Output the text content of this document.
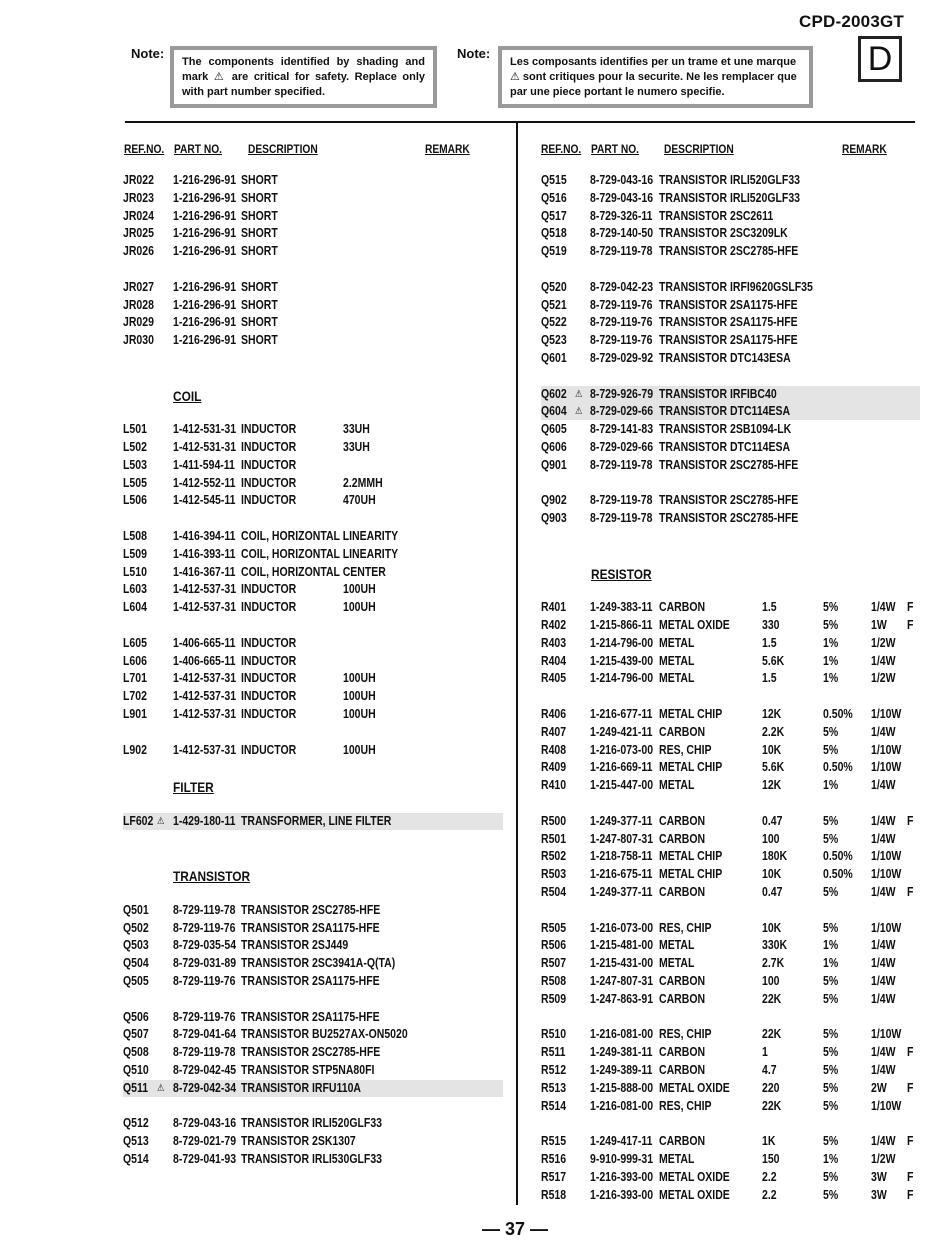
CPD-2003GT
Note:
The components identified by shading and mark ⚠ are critical for safety. Replace only with part number specified.
Note:
Les composants identifies per un trame et une marque ⚠ sont critiques pour la securite. Ne les remplacer que par une piece portant le numero specifie.
D
REF.NO. PART NO. DESCRIPTION	REMARK	REF.NO. PART NO. DESCRIPTION	REMARK
JR022 1-216-296-91 SHORT
JR023 1-216-296-91 SHORT
JR024 1-216-296-91 SHORT
JR025 1-216-296-91 SHORT
JR026 1-216-296-91 SHORT
JR027 1-216-296-91 SHORT
JR028 1-216-296-91 SHORT
JR029 1-216-296-91 SHORT
JR030 1-216-296-91 SHORT
COIL
L501 1-412-531-31 INDUCTOR	33UH
L502 1-412-531-31 INDUCTOR	33UH
L503 1-411-594-11 INDUCTOR
L505 1-412-552-11 INDUCTOR	2.2MMH
L506 1-412-545-11 INDUCTOR	470UH
L508 1-416-394-11 COIL, HORIZONTAL LINEARITY
L509 1-416-393-11 COIL, HORIZONTAL LINEARITY
L510 1-416-367-11 COIL, HORIZONTAL CENTER
L603 1-412-537-31 INDUCTOR	100UH
L604 1-412-537-31 INDUCTOR	100UH
L605 1-406-665-11 INDUCTOR
L606 1-406-665-11 INDUCTOR
L701 1-412-537-31 INDUCTOR	100UH
L702 1-412-537-31 INDUCTOR	100UH
L901 1-412-537-31 INDUCTOR	100UH
L902 1-412-537-31 INDUCTOR	100UH
FILTER
LF602 ⚠ 1-429-180-11 TRANSFORMER, LINE FILTER
TRANSISTOR
Q501 8-729-119-78 TRANSISTOR 2SC2785-HFE
Q502 8-729-119-76 TRANSISTOR 2SA1175-HFE
Q503 8-729-035-54 TRANSISTOR 2SJ449
Q504 8-729-031-89 TRANSISTOR 2SC3941A-Q(TA)
Q505 8-729-119-76 TRANSISTOR 2SA1175-HFE
Q506 8-729-119-76 TRANSISTOR 2SA1175-HFE
Q507 8-729-041-64 TRANSISTOR BU2527AX-ON5020
Q508 8-729-119-78 TRANSISTOR 2SC2785-HFE
Q510 8-729-042-45 TRANSISTOR STP5NA80FI
Q511 ⚠ 8-729-042-34 TRANSISTOR IRFU110A
Q512 8-729-043-16 TRANSISTOR IRLI520GLF33
Q513 8-729-021-79 TRANSISTOR 2SK1307
Q514 8-729-041-93 TRANSISTOR IRLI530GLF33
Q515 8-729-043-16 TRANSISTOR IRLI520GLF33
Q516 8-729-043-16 TRANSISTOR IRLI520GLF33
Q517 8-729-326-11 TRANSISTOR 2SC2611
Q518 8-729-140-50 TRANSISTOR 2SC3209LK
Q519 8-729-119-78 TRANSISTOR 2SC2785-HFE
Q520 8-729-042-23 TRANSISTOR IRFI9620GSLF35
Q521 8-729-119-76 TRANSISTOR 2SA1175-HFE
Q522 8-729-119-76 TRANSISTOR 2SA1175-HFE
Q523 8-729-119-76 TRANSISTOR 2SA1175-HFE
Q601 8-729-029-92 TRANSISTOR DTC143ESA
Q602 ⚠ 8-729-926-79 TRANSISTOR IRFIBC40
Q604 ⚠ 8-729-029-66 TRANSISTOR DTC114ESA
Q605 8-729-141-83 TRANSISTOR 2SB1094-LK
Q606 8-729-029-66 TRANSISTOR DTC114ESA
Q901 8-729-119-78 TRANSISTOR 2SC2785-HFE
Q902 8-729-119-78 TRANSISTOR 2SC2785-HFE
Q903 8-729-119-78 TRANSISTOR 2SC2785-HFE
RESISTOR
R401 1-249-383-11 CARBON	1.5	5%	1/4W F
R402 1-215-866-11 METAL OXIDE	330	5%	1W F
R403 1-214-796-00 METAL	1.5	1%	1/2W
R404 1-215-439-00 METAL	5.6K	1%	1/4W
R405 1-214-796-00 METAL	1.5	1%	1/2W
R406 1-216-677-11 METAL CHIP	12K	0.50% 1/10W
R407 1-249-421-11 CARBON	2.2K	5%	1/4W
R408 1-216-073-00 RES, CHIP	10K	5%	1/10W
R409 1-216-669-11 METAL CHIP	5.6K	0.50% 1/10W
R410 1-215-447-00 METAL	12K	1%	1/4W
R500 1-249-377-11 CARBON	0.47	5%	1/4W F
R501 1-247-807-31 CARBON	100	5%	1/4W
R502 1-218-758-11 METAL CHIP	180K	0.50% 1/10W
R503 1-216-675-11 METAL CHIP	10K	0.50% 1/10W
R504 1-249-377-11 CARBON	0.47	5%	1/4W F
R505 1-216-073-00 RES, CHIP	10K	5%	1/10W
R506 1-215-481-00 METAL	330K	1%	1/4W
R507 1-215-431-00 METAL	2.7K	1%	1/4W
R508 1-247-807-31 CARBON	100	5%	1/4W
R509 1-247-863-91 CARBON	22K	5%	1/4W
R510 1-216-081-00 RES, CHIP	22K	5%	1/10W
R511 1-249-381-11 CARBON	1	5%	1/4W F
R512 1-249-389-11 CARBON	4.7	5%	1/4W
R513 1-215-888-00 METAL OXIDE	220	5%	2W F
R514 1-216-081-00 RES, CHIP	22K	5%	1/10W
R515 1-249-417-11 CARBON	1K	5%	1/4W F
R516 9-910-999-31 METAL	150	1%	1/2W
R517 1-216-393-00 METAL OXIDE	2.2	5%	3W F
R518 1-216-393-00 METAL OXIDE	2.2	5%	3W F
— 37 —
